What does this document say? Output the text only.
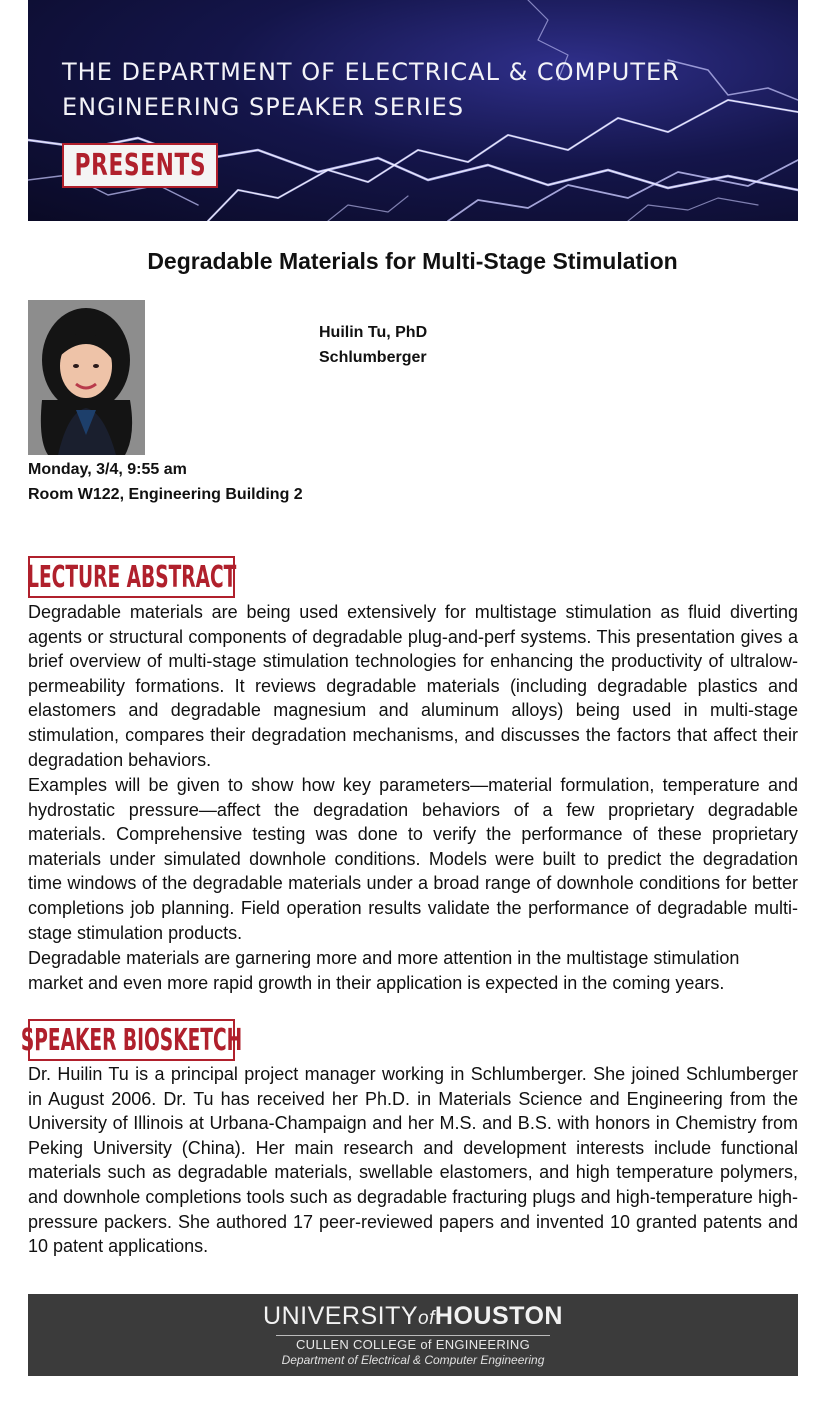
THE DEPARTMENT OF ELECTRICAL & COMPUTER
ENGINEERING SPEAKER SERIES
PRESENTS
Degradable Materials for Multi-Stage Stimulation
Huilin Tu, PhD
Schlumberger
Monday, 3/4, 9:55 am
Room W122, Engineering Building 2
LECTURE ABSTRACT

Degradable materials are being used extensively for multistage stimulation as fluid diverting agents or structural components of degradable plug-and-perf systems. This presentation gives a brief overview of multi-stage stimulation technologies for enhancing the productivity of ultralow-permeability formations. It reviews degradable materials (including degradable plastics and elastomers and degradable magnesium and aluminum alloys) being used in multi-stage stimulation, compares their degradation mechanisms, and discusses the factors that affect their degradation behaviors.

Examples will be given to show how key parameters—material formulation, temperature and hydrostatic pressure—affect the degradation behaviors of a few proprietary degradable materials. Comprehensive testing was done to verify the performance of these proprietary materials under simulated downhole conditions. Models were built to predict the degradation time windows of the degradable materials under a broad range of downhole conditions for better completions job planning. Field operation results validate the performance of degradable multi-stage stimulation products.

Degradable materials are garnering more and more attention in the multistage stimulation market and even more rapid growth in their application is expected in the coming years.

SPEAKER BIOSKETCH

Dr. Huilin Tu is a principal project manager working in Schlumberger. She joined Schlumberger in August 2006. Dr. Tu has received her Ph.D. in Materials Science and Engineering from the University of Illinois at Urbana-Champaign and her M.S. and B.S. with honors in Chemistry from Peking University (China). Her main research and development interests include functional materials such as degradable materials, swellable elastomers, and high temperature polymers, and downhole completions tools such as degradable fracturing plugs and high-temperature high-pressure packers. She authored 17 peer-reviewed papers and invented 10 granted patents and 10 patent applications.

UNIVERSITYofHOUSTON
CULLEN COLLEGE of ENGINEERING
Department of Electrical & Computer Engineering
